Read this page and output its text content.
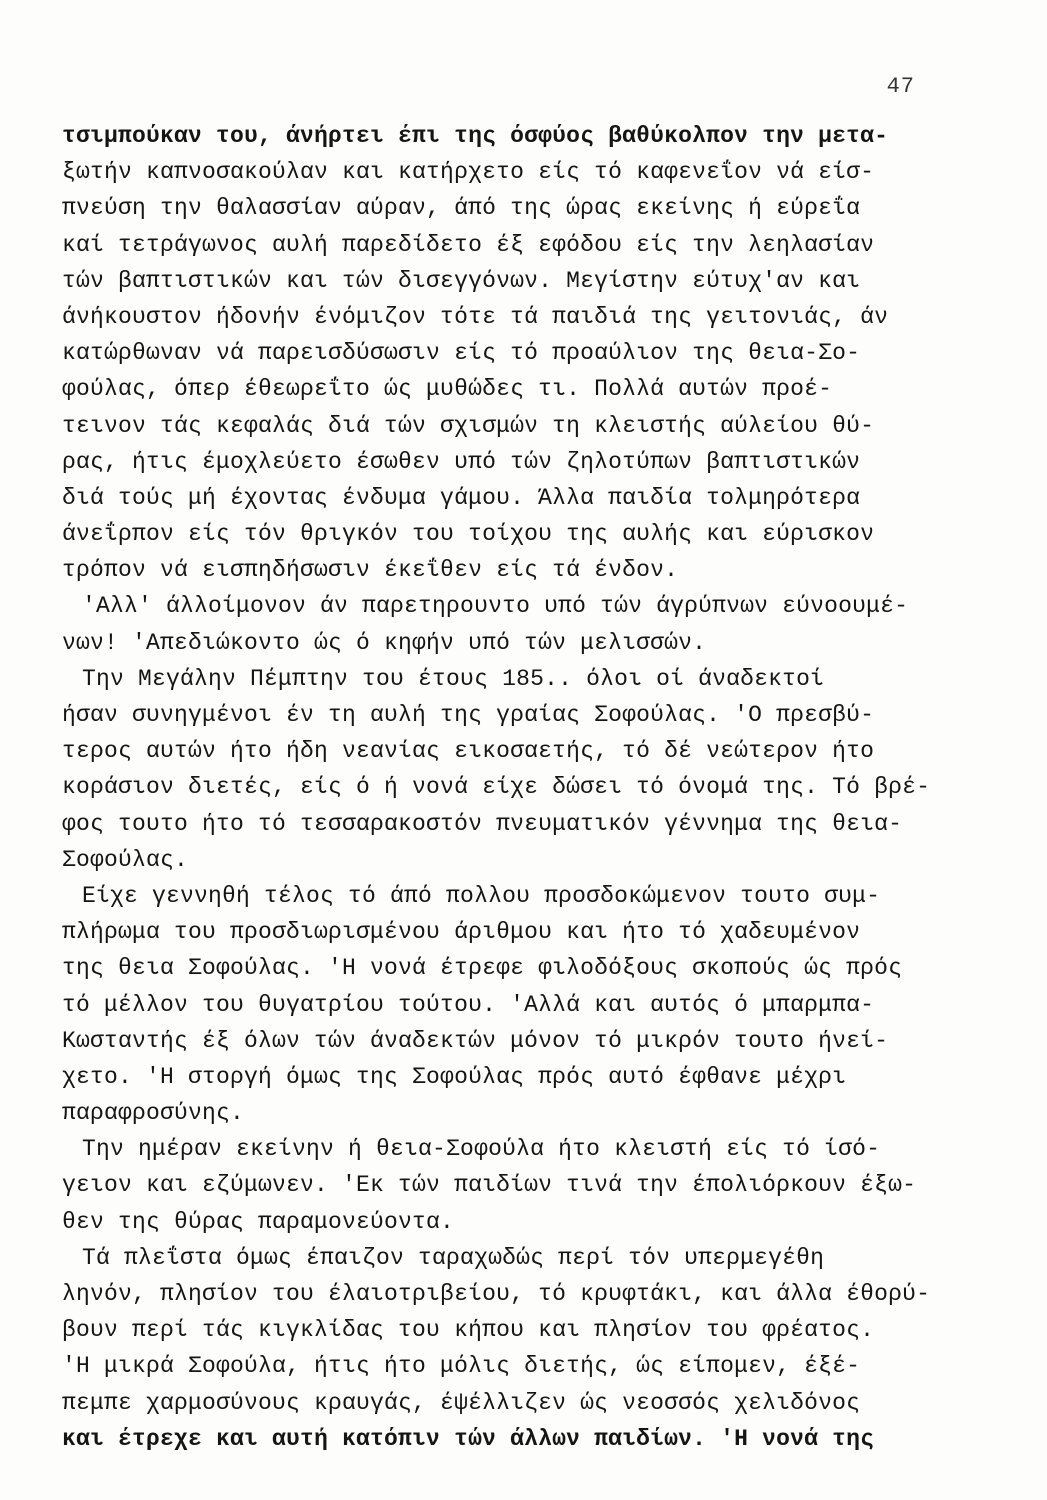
47
τσιμπούκαν του, άνήρτει έπι της όσφύος βαθύκολπον την μετα-
ξωτήν καπνοσακούλαν και κατήρχετο είς τό καφενεΐον νά είσ-
πνεύση την θαλασσίαν αύραν, άπό της ώρας εκείνης ή εύρεΐα
καί τετράγωνος αυλή παρεδίδετο έξ εφόδου είς την λεηλασίαν
τών βαπτιστικών και τών δισεγγόνων. Μεγίστην εύτυχ'αν και
άνήκουστον ήδονήν ένόμιζον τότε τά παιδιά της γειτονιάς, άν
κατώρθωναν νά παρεισδύσωσιν είς τό προαύλιον της θεια-Σο-
φούλας, όπερ έθεωρεΐτο ώς μυθώδες τι. Πολλά αυτών προέ-
τεινον τάς κεφαλάς διά τών σχισμών τη κλειστής αύλείου θύ-
ρας, ήτις έμοχλεύετο έσωθεν υπό τών ζηλοτύπων βαπτιστικών
διά τούς μή έχοντας ένδυμα γάμου. Άλλα παιδία τολμηρότερα
άνεΐρπον είς τόν θριγκόν του τοίχου της αυλής και εύρισκον
τρόπον νά εισπηδήσωσιν έκεΐθεν είς τά ένδον.
'Αλλ' άλλοίμονον άν παρετηρουντο υπό τών άγρύπνων εύνοουμέ-
νων! 'Απεδιώκοντο ώς ό κηφήν υπό τών μελισσών.
Την Μεγάλην Πέμπτην του έτους 185.. όλοι οί άναδεκτοί
ήσαν συνηγμένοι έν τη αυλή της γραίας Σοφούλας. 'Ο πρεσβύ-
τερος αυτών ήτο ήδη νεανίας εικοσαετής, τό δέ νεώτερον ήτο
κοράσιον διετές, είς ό ή νονά είχε δώσει τό όνομά της. Τό βρέ-
φος τουτο ήτο τό τεσσαρακοστόν πνευματικόν γέννημα της θεια-
Σοφούλας.
Είχε γεννηθή τέλος τό άπό πολλου προσδοκώμενον τουτο συμ-
πλήρωμα του προσδιωρισμένου άριθμου και ήτο τό χαδευμένον
της θεια Σοφούλας. 'Η νονά έτρεφε φιλοδόξους σκοπούς ώς πρός
τό μέλλον του θυγατρίου τούτου. 'Αλλά και αυτός ό μπαρμπα-
Κωσταντής έξ όλων τών άναδεκτών μόνον τό μικρόν τουτο ήνεί-
χετο. 'Η στοργή όμως της Σοφούλας πρός αυτό έφθανε μέχρι
παραφροσύνης.
Την ημέραν εκείνην ή θεια-Σοφούλα ήτο κλειστή είς τό ίσό-
γειον και εζύμωνεν. 'Εκ τών παιδίων τινά την έπολιόρκουν έξω-
θεν της θύρας παραμονεύοντα.
Τά πλεΐστα όμως έπαιζον ταραχωδώς περί τόν υπερμεγέθη
ληνόν, πλησίον του έλαιοτριβείου, τό κρυφτάκι, και άλλα έθορύ-
βουν περί τάς κιγκλίδας του κήπου και πλησίον του φρέατος.
'Η μικρά Σοφούλα, ήτις ήτο μόλις διετής, ώς είπομεν, έξέ-
πεμπε χαρμοσύνους κραυγάς, έψέλλιζεν ώς νεοσσός χελιδόνος
και έτρεχε και αυτή κατόπιν τών άλλων παιδίων. 'Η νονά της
